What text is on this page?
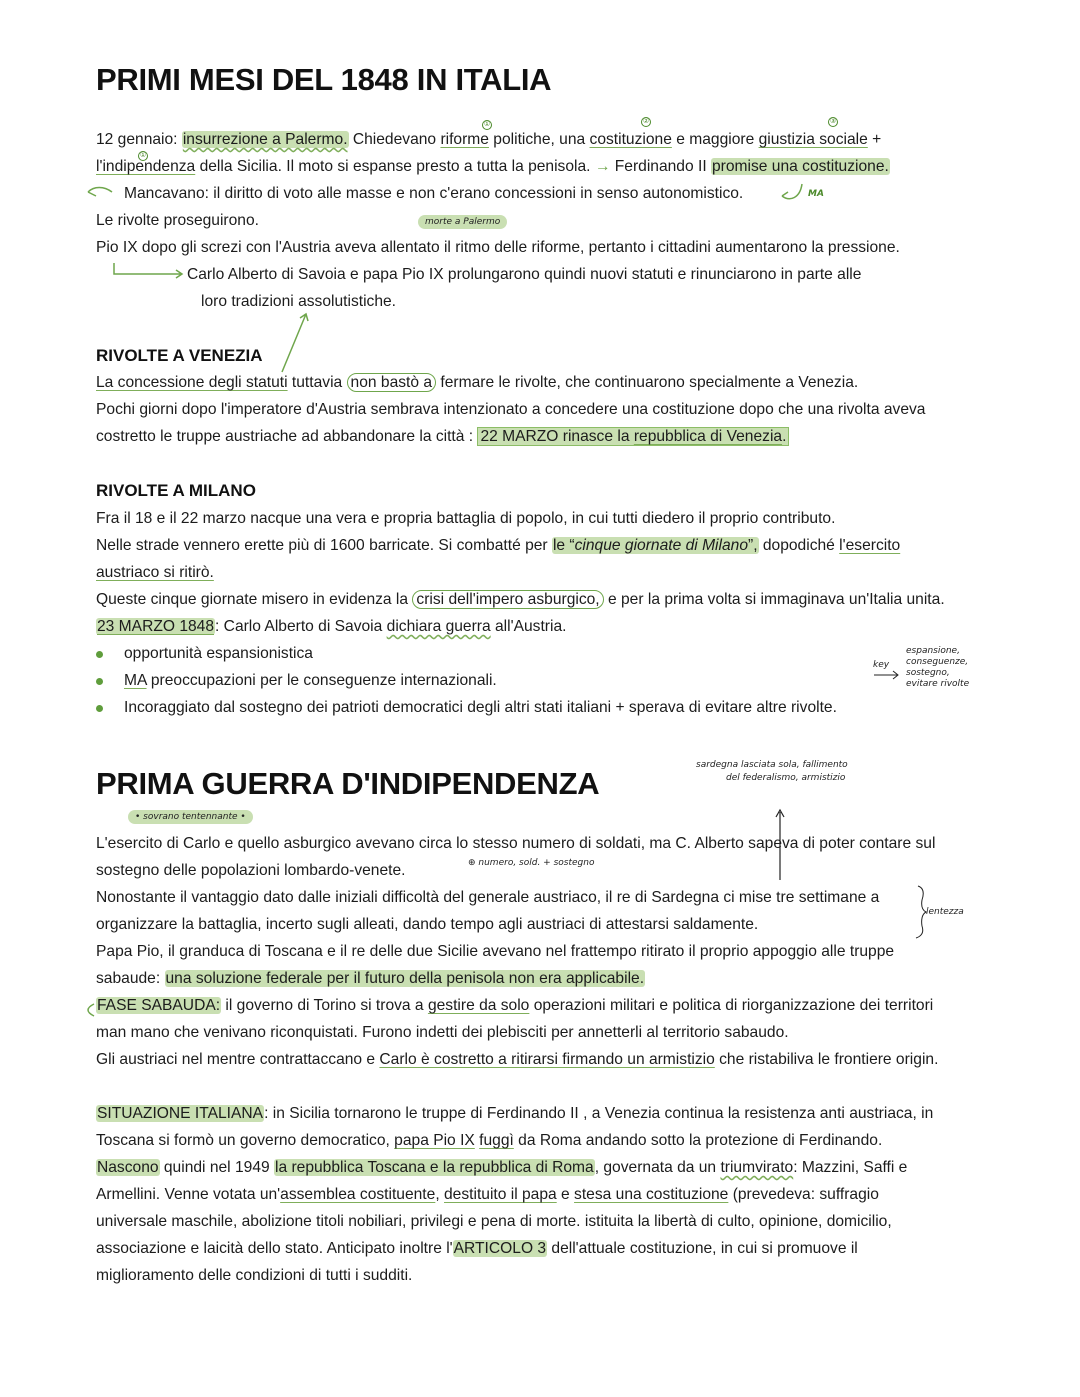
PRIMI MESI DEL 1848 IN ITALIA
12 gennaio: insurrezione a Palermo. Chiedevano riforme politiche, una costituzione e maggiore giustizia sociale +
l'indipendenza della Sicilia. Il moto si espanse presto a tutta la penisola. → Ferdinando II promise una costituzione.
Mancavano: il diritto di voto alle masse e non c'erano concessioni in senso autonomistico.
Le rivolte proseguirono.
Pio IX dopo gli screzi con l'Austria aveva allentato il ritmo delle riforme, pertanto i cittadini aumentarono la pressione.
Carlo Alberto di Savoia e papa Pio IX prolungarono quindi nuovi statuti e rinunciarono in parte alle
loro tradizioni assolutistiche.
RIVOLTE A VENEZIA
La concessione degli statuti tuttavia non bastò a fermare le rivolte, che continuarono specialmente a Venezia.
Pochi giorni dopo l'imperatore d'Austria sembrava intenzionato a concedere una costituzione dopo che una rivolta aveva
costretto le truppe austriache ad abbandonare la città : 22 MARZO rinasce la repubblica di Venezia.
RIVOLTE A MILANO
Fra il 18 e il 22 marzo nacque una vera e propria battaglia di popolo, in cui tutti diedero il proprio contributo.
Nelle strade vennero erette più di 1600 barricate. Si combatté per le “cinque giornate di Milano”, dopodiché l'esercito
austriaco si ritirò.
Queste cinque giornate misero in evidenza la crisi dell'impero asburgico, e per la prima volta si immaginava un'Italia unita.
23 MARZO 1848: Carlo Alberto di Savoia dichiara guerra all'Austria.
opportunità espansionistica
MA preoccupazioni per le conseguenze internazionali.
Incoraggiato dal sostegno dei patrioti democratici degli altri stati italiani + sperava di evitare altre rivolte.
PRIMA GUERRA D'INDIPENDENZA
L'esercito di Carlo e quello asburgico avevano circa lo stesso numero di soldati, ma C. Alberto sapeva di poter contare sul
sostegno delle popolazioni lombardo-venete.
Nonostante il vantaggio dato dalle iniziali difficoltà del generale austriaco, il re di Sardegna ci mise tre settimane a
organizzare la battaglia, incerto sugli alleati, dando tempo agli austriaci di attestarsi saldamente.
Papa Pio, il granduca di Toscana e il re delle due Sicilie avevano nel frattempo ritirato il proprio appoggio alle truppe
sabaude: una soluzione federale per il futuro della penisola non era applicabile.
FASE SABAUDA: il governo di Torino si trova a gestire da solo operazioni militari e politica di riorganizzazione dei territori
man mano che venivano riconquistati. Furono indetti dei plebisciti per annetterli al territorio sabaudo.
Gli austriaci nel mentre contrattaccano e Carlo è costretto a ritirarsi firmando un armistizio che ristabiliva le frontiere origin.
SITUAZIONE ITALIANA: in Sicilia tornarono le truppe di Ferdinando II , a Venezia continua la resistenza anti austriaca, in
Toscana si formò un governo democratico, papa Pio IX fuggì da Roma andando sotto la protezione di Ferdinando.
Nascono quindi nel 1949 la repubblica Toscana e la repubblica di Roma, governata da un triumvirato: Mazzini, Saffi e
Armellini. Venne votata un'assemblea costituente, destituito il papa e stesa una costituzione (prevedeva: suffragio
universale maschile, abolizione titoli nobiliari, privilegi e pena di morte. istituita la libertà di culto, opinione, domicilio,
associazione e laicità dello stato. Anticipato inoltre l'ARTICOLO 3 dell'attuale costituzione, in cui si promuove il
miglioramento delle condizioni di tutti i sudditi.
①	②	③
①
MA
morte a Palermo
key
espansione,
conseguenze,
sostegno,
evitare rivolte
sardegna lasciata sola, fallimento
del federalismo, armistizio
• sovrano tentennante •
⊕ numero, sold. + sostegno
lentezza
